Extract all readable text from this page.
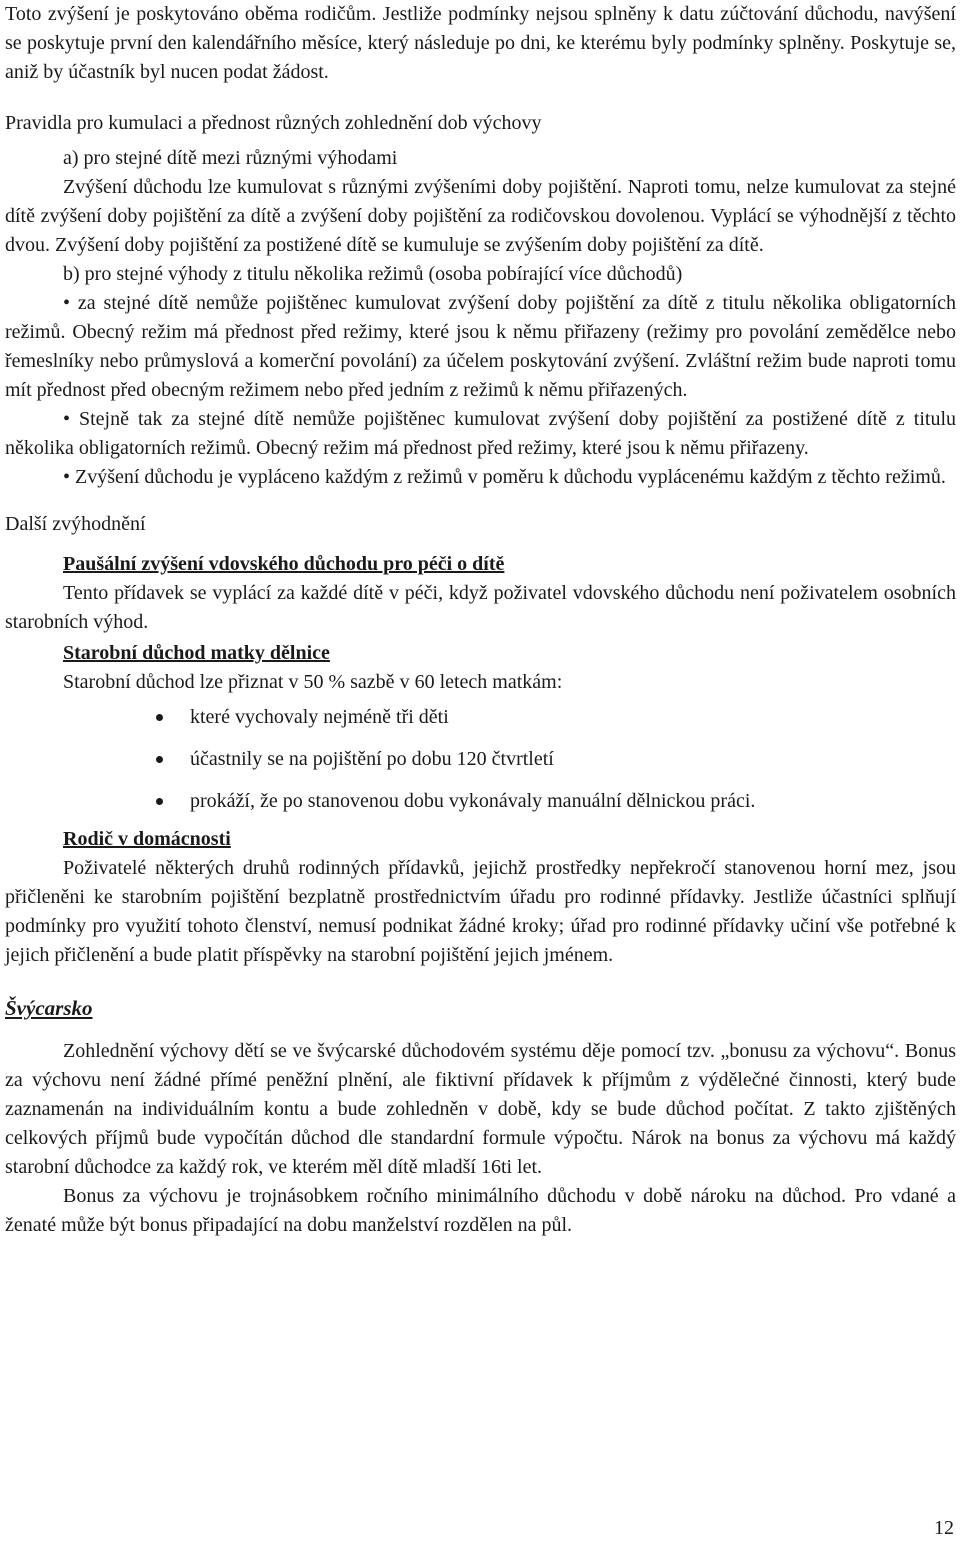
Toto zvýšení je poskytováno oběma rodičům. Jestliže podmínky nejsou splněny k datu zúčtování důchodu, navýšení se poskytuje první den kalendářního měsíce, který následuje po dni, ke kterému byly podmínky splněny. Poskytuje se, aniž by účastník byl nucen podat žádost.

Pravidla pro kumulaci a přednost různých zohlednění dob výchovy

a) pro stejné dítě mezi různými výhodami

Zvýšení důchodu lze kumulovat s různými zvýšeními doby pojištění. Naproti tomu, nelze kumulovat za stejné dítě zvýšení doby pojištění za dítě a zvýšení doby pojištění za rodičovskou dovolenou. Vyplácí se výhodnější z těchto dvou. Zvýšení doby pojištění za postižené dítě se kumuluje se zvýšením doby pojištění za dítě.

b) pro stejné výhody z titulu několika režimů (osoba pobírající více důchodů)

• za stejné dítě nemůže pojištěnec kumulovat zvýšení doby pojištění za dítě z titulu několika obligatorních režimů. Obecný režim má přednost před režimy, které jsou k němu přiřazeny (režimy pro povolání zemědělce nebo řemeslníky nebo průmyslová a komerční povolání) za účelem poskytování zvýšení. Zvláštní režim bude naproti tomu mít přednost před obecným režimem nebo před jedním z režimů k němu přiřazených.

• Stejně tak za stejné dítě nemůže pojištěnec kumulovat zvýšení doby pojištění za postižené dítě z titulu několika obligatorních režimů. Obecný režim má přednost před režimy, které jsou k němu přiřazeny.

• Zvýšení důchodu je vypláceno každým z režimů v poměru k důchodu vyplácenému každým z těchto režimů.

Další zvýhodnění

Paušální zvýšení vdovského důchodu pro péči o dítě

Tento přídavek se vyplácí za každé dítě v péči, když poživatel vdovského důchodu není poživatelem osobních starobních výhod.

Starobní důchod matky dělnice

Starobní důchod lze přiznat v 50 % sazbě v 60 letech matkám:

které vychovaly nejméně tři děti
účastnily se na pojištění po dobu 120 čtvrtletí
prokáží, že po stanovenou dobu vykonávaly manuální dělnickou práci.

Rodič v domácnosti

Poživatelé některých druhů rodinných přídavků, jejichž prostředky nepřekročí stanovenou horní mez, jsou přičleněni ke starobním pojištění bezplatně prostřednictvím úřadu pro rodinné přídavky. Jestliže účastníci splňují podmínky pro využití tohoto členství, nemusí podnikat žádné kroky; úřad pro rodinné přídavky učiní vše potřebné k jejich přičlenění a bude platit příspěvky na starobní pojištění jejich jménem.

Švýcarsko

Zohlednění výchovy dětí se ve švýcarské důchodovém systému děje pomocí tzv. „bonusu za výchovu“. Bonus za výchovu není žádné přímé peněžní plnění, ale fiktivní přídavek k příjmům z výdělečné činnosti, který bude zaznamenán na individuálním kontu a bude zohledněn v době, kdy se bude důchod počítat. Z takto zjištěných celkových příjmů bude vypočítán důchod dle standardní formule výpočtu. Nárok na bonus za výchovu má každý starobní důchodce za každý rok, ve kterém měl dítě mladší 16ti let.

Bonus za výchovu je trojnásobkem ročního minimálního důchodu v době nároku na důchod. Pro vdané a ženaté může být bonus připadající na dobu manželství rozdělen na půl.

12
